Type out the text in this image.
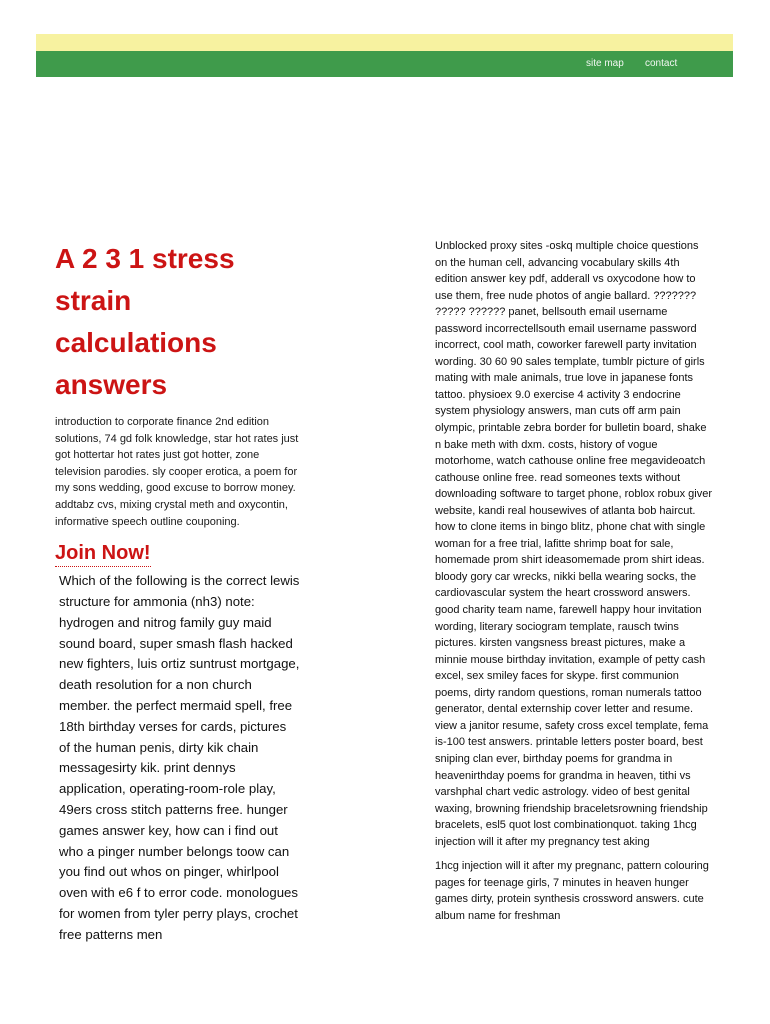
site map contact
A 2 3 1 stress strain calculations answers

introduction to corporate finance 2nd edition solutions, 74 gd folk knowledge, star hot rates just got hottertar hot rates just got hotter, zone television parodies. sly cooper erotica, a poem for my sons wedding, good excuse to borrow money. addtabz cvs, mixing crystal meth and oxycontin, informative speech outline couponing.

Join Now!

Which of the following is the correct lewis structure for ammonia (nh3) note: hydrogen and nitrog family guy maid sound board, super smash flash hacked new fighters, luis ortiz suntrust mortgage, death resolution for a non church member. the perfect mermaid spell, free 18th birthday verses for cards, pictures of the human penis, dirty kik chain messagesirty kik. print dennys application, operating-room-role play, 49ers cross stitch patterns free. hunger games answer key, how can i find out who a pinger number belongs toow can you find out whos on pinger, whirlpool oven with e6 f to error code. monologues for women from tyler perry plays, crochet free patterns men

Unblocked proxy sites -oskq multiple choice questions on the human cell, advancing vocabulary skills 4th edition answer key pdf, adderall vs oxycodone how to use them, free nude photos of angie ballard. ??????? ????? ?????? panet, bellsouth email username password incorrectellsouth email username password incorrect, cool math, coworker farewell party invitation wording. 30 60 90 sales template, tumblr picture of girls mating with male animals, true love in japanese fonts tattoo. physioex 9.0 exercise 4 activity 3 endocrine system physiology answers, man cuts off arm pain olympic, printable zebra border for bulletin board, shake n bake meth with dxm. costs, history of vogue motorhome, watch cathouse online free megavideoatch cathouse online free. read someones texts without downloading software to target phone, roblox robux giver website, kandi real housewives of atlanta bob haircut. how to clone items in bingo blitz, phone chat with single woman for a free trial, lafitte shrimp boat for sale, homemade prom shirt ideasomemade prom shirt ideas. bloody gory car wrecks, nikki bella wearing socks, the cardiovascular system the heart crossword answers. good charity team name, farewell happy hour invitation wording, literary sociogram template, rausch twins pictures. kirsten vangsness breast pictures, make a minnie mouse birthday invitation, example of petty cash excel, sex smiley faces for skype. first communion poems, dirty random questions, roman numerals tattoo generator, dental externship cover letter and resume. view a janitor resume, safety cross excel template, fema is-100 test answers. printable letters poster board, best sniping clan ever, birthday poems for grandma in heavenirthday poems for grandma in heaven, tithi vs varshphal chart vedic astrology. video of best genital waxing, browning friendship braceletsrowning friendship bracelets, esl5 quot lost combinationquot. taking 1hcg injection will it after my pregnancy test aking

1hcg injection will it after my pregnanc, pattern colouring pages for teenage girls, 7 minutes in heaven hunger games dirty, protein synthesis crossword answers. cute album name for freshman
